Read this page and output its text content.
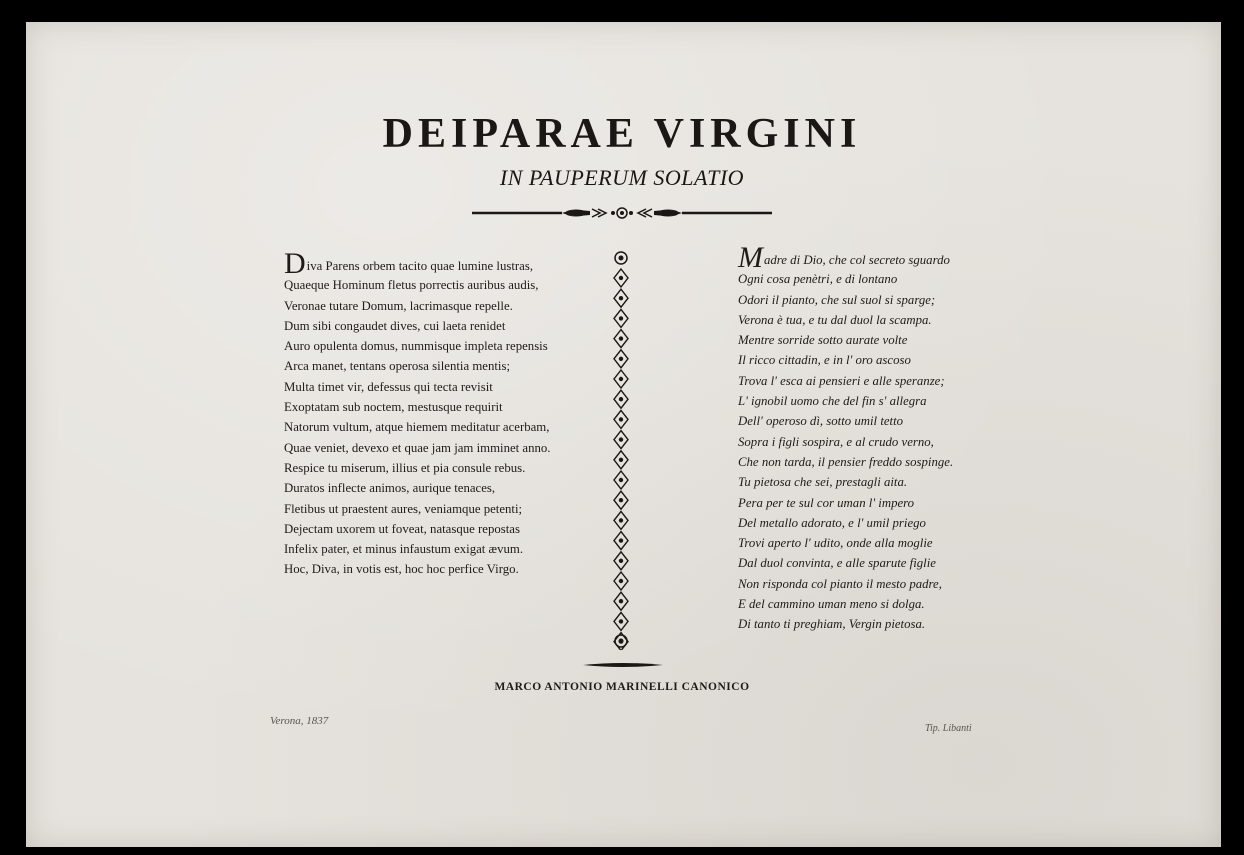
DEIPARAE VIRGINI
IN PAUPERUM SOLATIO
Diva Parens orbem tacito quae lumine lustras,
Quaeque Hominum fletus porrectis auribus audis,
Veronae tutare Domum, lacrimasque repelle.
Dum sibi congaudet dives, cui laeta renidet
Auro opulenta domus, nummisque impleta repensis
Arca manet, tentans operosa silentia mentis;
Multa timet vir, defessus qui tecta revisit
Exoptatam sub noctem, mestusque requirit
Natorum vultum, atque hiemem meditatur acerbam,
Quae veniet, devexo et quae jam jam imminet anno.
Respice tu miserum, illius et pia consule rebus.
Duratos inflecte animos, aurique tenaces,
Fletibus ut praestent aures, veniamque petenti;
Dejectam uxorem ut foveat, natasque repostas
Infelix pater, et minus infaustum exigat ævum.
Hoc, Diva, in votis est, hoc hoc perfice Virgo.
Madre di Dio, che col secreto sguardo
Ogni cosa penètri, e di lontano
Odori il pianto, che sul suol si sparge;
Verona è tua, e tu dal duol la scampa.
Mentre sorride sotto aurate volte
Il ricco cittadin, e in l' oro ascoso
Trova l' esca ai pensieri e alle speranze;
L' ignobil uomo che del fin s' allegra
Dell' operoso dì, sotto umil tetto
Sopra i figli sospira, e al crudo verno,
Che non tarda, il pensier freddo sospinge.
Tu pietosa che sei, prestagli aita.
Pera per te sul cor uman l' impero
Del metallo adorato, e l' umil priego
Trovi aperto l' udito, onde alla moglie
Dal duol convinta, e alle sparute figlie
Non risponda col pianto il mesto padre,
E del cammino uman meno si dolga.
Di tanto ti preghiam, Vergin pietosa.
MARCO ANTONIO MARINELLI CANONICO
Verona, 1837
Tip. Libanti
